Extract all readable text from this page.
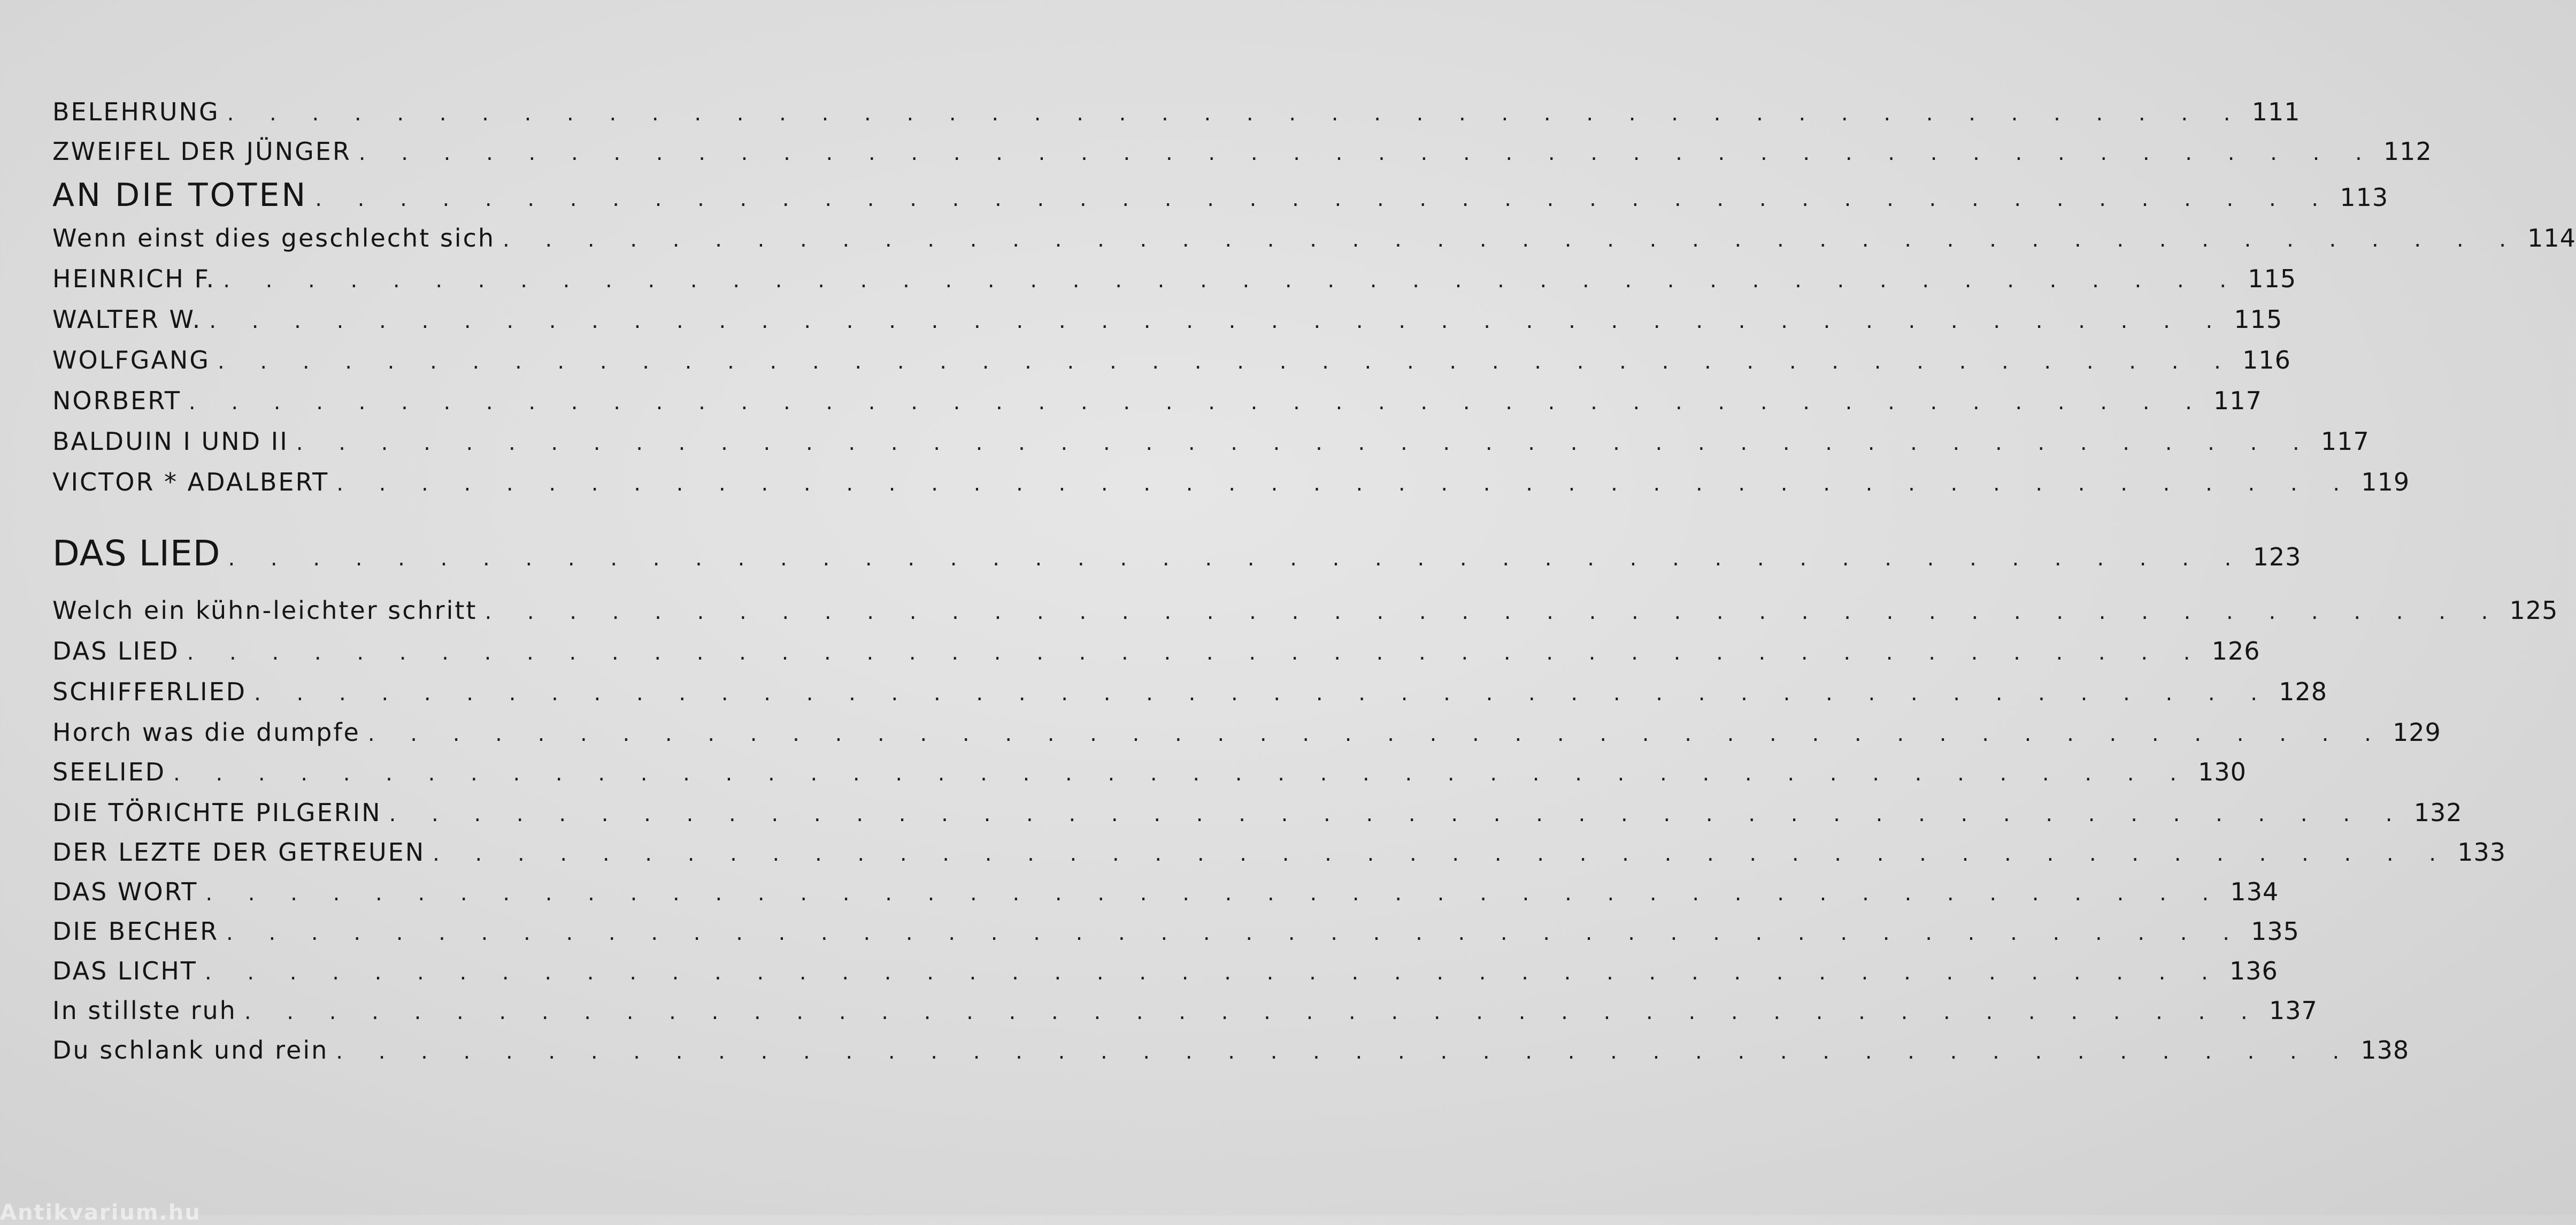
BELEHRUNG . . . . . . . . . . . . . . . . . . . . . . . . . . . . . . . . . . . . . . . . . . . . . . . . 111
ZWEIFEL DER JÜNGER . . . . . . . . . . . . . . . . . . . . . . . . . . . . . . . . . . . . . . . . . . . . . . . . 112
AN DIE TOTEN . . . . . . . . . . . . . . . . . . . . . . . . . . . . . . . . . . . . . . . . . . . . . . . . 113
Wenn einst dies geschlecht sich . . . . . . . . . . . . . . . . . . . . . . . . . . . . . . . . . . . . . . . . . . . . . . . . 114
HEINRICH F. . . . . . . . . . . . . . . . . . . . . . . . . . . . . . . . . . . . . . . . . . . . . . . . . 115
WALTER W. . . . . . . . . . . . . . . . . . . . . . . . . . . . . . . . . . . . . . . . . . . . . . . . . 115
WOLFGANG . . . . . . . . . . . . . . . . . . . . . . . . . . . . . . . . . . . . . . . . . . . . . . . . 116
NORBERT . . . . . . . . . . . . . . . . . . . . . . . . . . . . . . . . . . . . . . . . . . . . . . . . 117
BALDUIN I UND II . . . . . . . . . . . . . . . . . . . . . . . . . . . . . . . . . . . . . . . . . . . . . . . . 117
VICTOR * ADALBERT . . . . . . . . . . . . . . . . . . . . . . . . . . . . . . . . . . . . . . . . . . . . . . . . 119
DAS LIED . . . . . . . . . . . . . . . . . . . . . . . . . . . . . . . . . . . . . . . . . . . . . . . . 123
Welch ein kühn-leichter schritt . . . . . . . . . . . . . . . . . . . . . . . . . . . . . . . . . . . . . . . . . . . . . . . . 125
DAS LIED . . . . . . . . . . . . . . . . . . . . . . . . . . . . . . . . . . . . . . . . . . . . . . . . 126
SCHIFFERLIED . . . . . . . . . . . . . . . . . . . . . . . . . . . . . . . . . . . . . . . . . . . . . . . . 128
Horch was die dumpfe . . . . . . . . . . . . . . . . . . . . . . . . . . . . . . . . . . . . . . . . . . . . . . . . 129
SEELIED . . . . . . . . . . . . . . . . . . . . . . . . . . . . . . . . . . . . . . . . . . . . . . . . 130
DIE TÖRICHTE PILGERIN . . . . . . . . . . . . . . . . . . . . . . . . . . . . . . . . . . . . . . . . . . . . . . . . 132
DER LEZTE DER GETREUEN . . . . . . . . . . . . . . . . . . . . . . . . . . . . . . . . . . . . . . . . . . . . . . . . 133
DAS WORT . . . . . . . . . . . . . . . . . . . . . . . . . . . . . . . . . . . . . . . . . . . . . . . . 134
DIE BECHER . . . . . . . . . . . . . . . . . . . . . . . . . . . . . . . . . . . . . . . . . . . . . . . . 135
DAS LICHT . . . . . . . . . . . . . . . . . . . . . . . . . . . . . . . . . . . . . . . . . . . . . . . . 136
In stillste ruh . . . . . . . . . . . . . . . . . . . . . . . . . . . . . . . . . . . . . . . . . . . . . . . . 137
Du schlank und rein . . . . . . . . . . . . . . . . . . . . . . . . . . . . . . . . . . . . . . . . . . . . . . . . 138
Antikvarium.hu
